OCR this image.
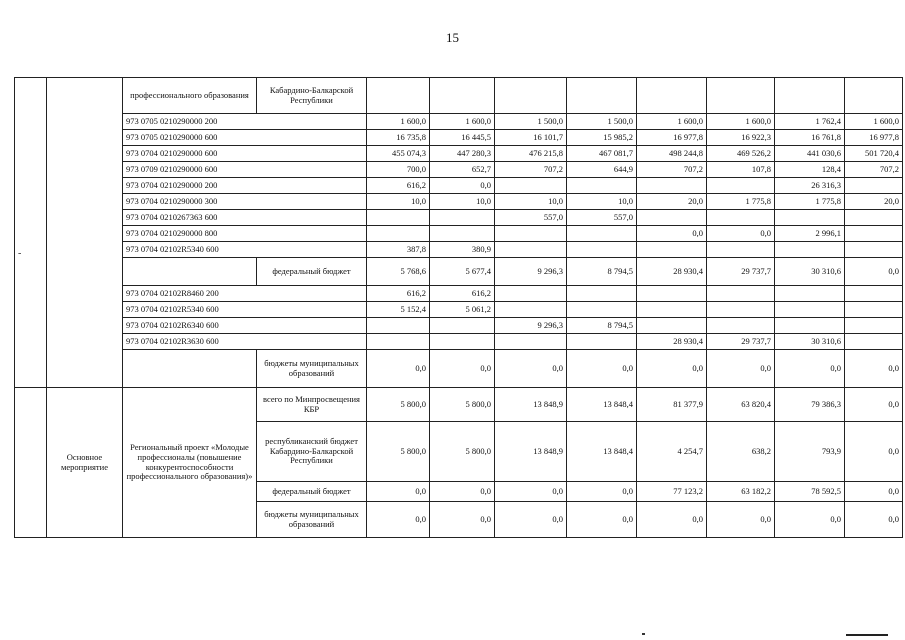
15
		профессионального образования	Кабардино-Балкарской Республики								
		973 0705 0210290000 200		1 600,0	1 600,0	1 500,0	1 500,0	1 600,0	1 600,0	1 762,4	1 600,0
		973 0705 0210290000 600		16 735,8	16 445,5	16 101,7	15 985,2	16 977,8	16 922,3	16 761,8	16 977,8
		973 0704 0210290000 600		455 074,3	447 280,3	476 215,8	467 081,7	498 244,8	469 526,2	441 030,6	501 720,4
		973 0709 0210290000 600		700,0	652,7	707,2	644,9	707,2	107,8	128,4	707,2
		973 0704 0210290000 200		616,2	0,0					26 316,3	
		973 0704 0210290000 300		10,0	10,0	10,0	10,0	20,0	1 775,8	1 775,8	20,0
		973 0704 0210267363 600				557,0	557,0				
		973 0704 0210290000 800						0,0	0,0	2 996,1	
		973 0704 02102R5340 600		387,8	380,9						
			федеральный бюджет	5 768,6	5 677,4	9 296,3	8 794,5	28 930,4	29 737,7	30 310,6	0,0
		973 0704 02102R8460 200		616,2	616,2						
		973 0704 02102R5340 600		5 152,4	5 061,2						
		973 0704 02102R6340 600				9 296,3	8 794,5				
		973 0704 02102R3630 600						28 930,4	29 737,7	30 310,6	
			бюджеты муниципальных образований	0,0	0,0	0,0	0,0	0,0	0,0	0,0	0,0
	Основное мероприятие	Региональный проект «Молодые профессионалы (повышение конкурентоспособности профессионального образования)»	всего по Минпросвещения КБР	5 800,0	5 800,0	13 848,9	13 848,4	81 377,9	63 820,4	79 386,3	0,0
			республиканский бюджет Кабардино-Балкарской Республики	5 800,0	5 800,0	13 848,9	13 848,4	4 254,7	638,2	793,9	0,0
			федеральный бюджет	0,0	0,0	0,0	0,0	77 123,2	63 182,2	78 592,5	0,0
			бюджеты муниципальных образований	0,0	0,0	0,0	0,0	0,0	0,0	0,0	0,0
-
